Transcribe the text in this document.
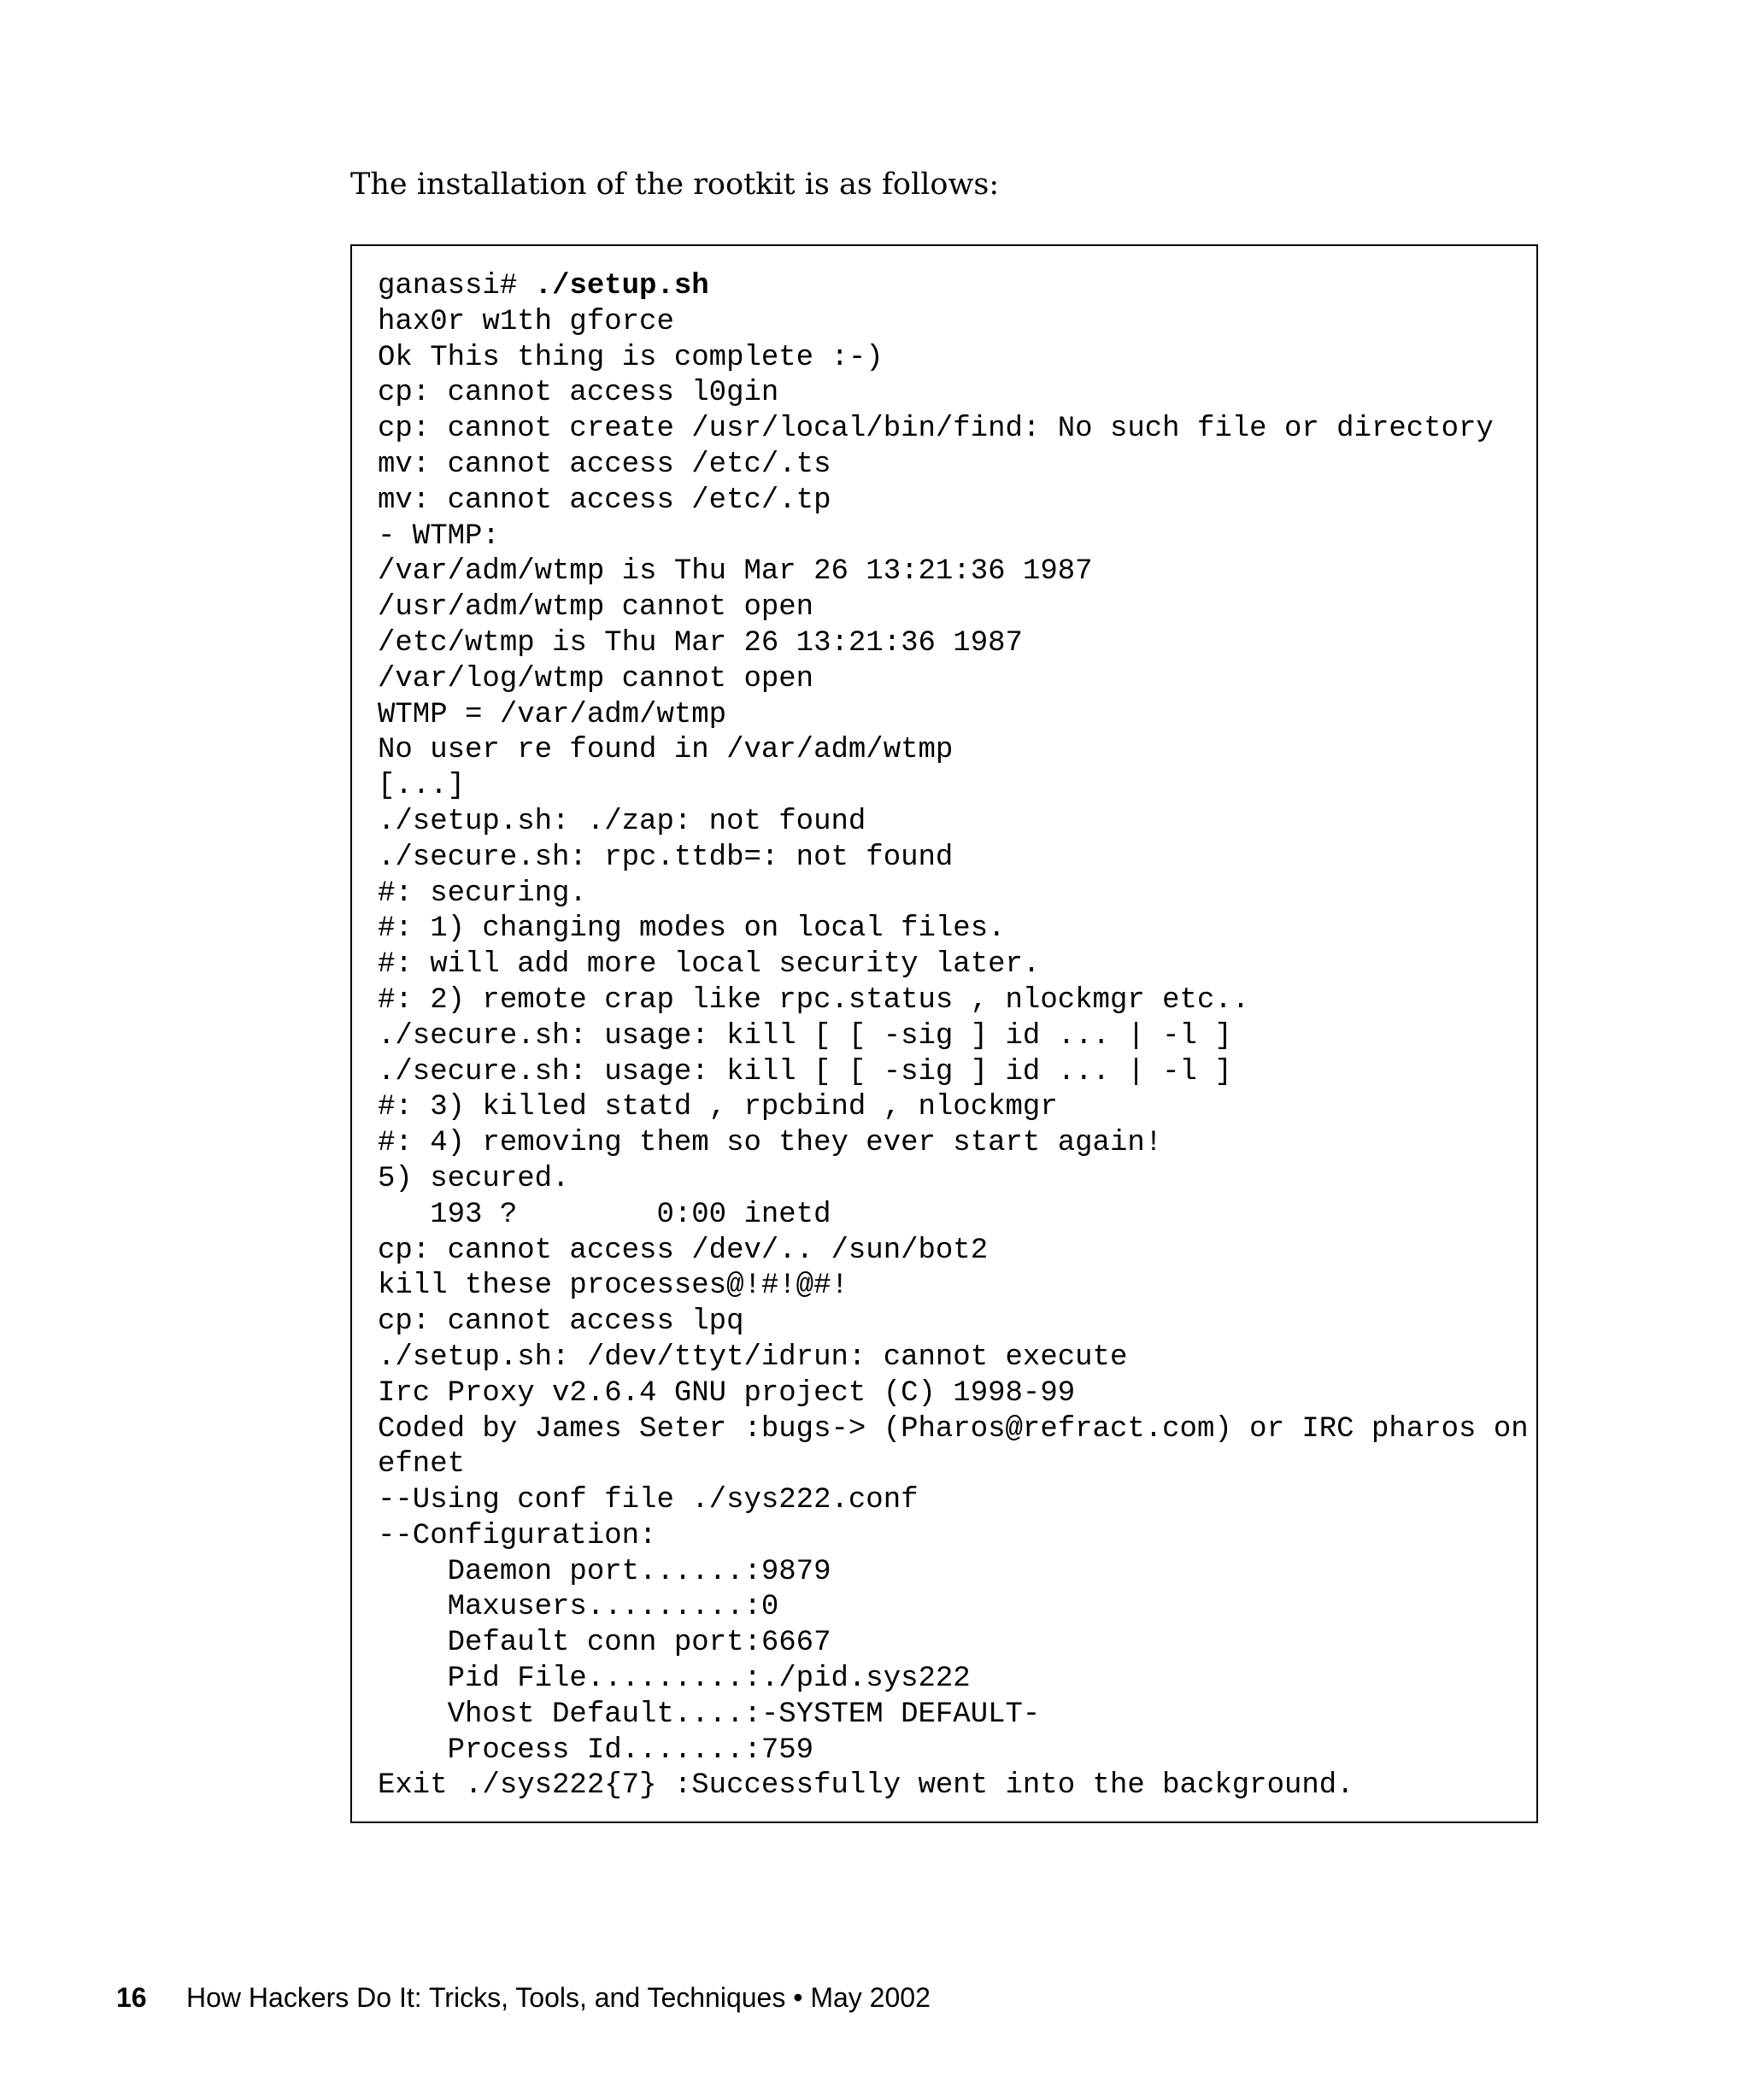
The installation of the rootkit is as follows:

ganassi# ./setup.sh
hax0r w1th gforce
Ok This thing is complete :-)
cp: cannot access l0gin
cp: cannot create /usr/local/bin/find: No such file or directory
mv: cannot access /etc/.ts
mv: cannot access /etc/.tp
- WTMP:
/var/adm/wtmp is Thu Mar 26 13:21:36 1987
/usr/adm/wtmp cannot open
/etc/wtmp is Thu Mar 26 13:21:36 1987
/var/log/wtmp cannot open
WTMP = /var/adm/wtmp
No user re found in /var/adm/wtmp
[...]
./setup.sh: ./zap: not found
./secure.sh: rpc.ttdb=: not found
#: securing.
#: 1) changing modes on local files.
#: will add more local security later.
#: 2) remote crap like rpc.status , nlockmgr etc..
./secure.sh: usage: kill [ [ -sig ] id ... | -l ]
./secure.sh: usage: kill [ [ -sig ] id ... | -l ]
#: 3) killed statd , rpcbind , nlockmgr
#: 4) removing them so they ever start again!
5) secured.
193 ?        0:00 inetd
cp: cannot access /dev/.. /sun/bot2
kill these processes@!#!@#!
cp: cannot access lpq
./setup.sh: /dev/ttyt/idrun: cannot execute
Irc Proxy v2.6.4 GNU project (C) 1998-99
Coded by James Seter :bugs-> (Pharos@refract.com) or IRC pharos on
efnet
--Using conf file ./sys222.conf
--Configuration:
Daemon port......:9879
Maxusers.........:0
Default conn port:6667
Pid File.........:./pid.sys222
Vhost Default....:-SYSTEM DEFAULT-
Process Id.......:759
Exit ./sys222{7} :Successfully went into the background.
16 How Hackers Do It: Tricks, Tools, and Techniques • May 2002
